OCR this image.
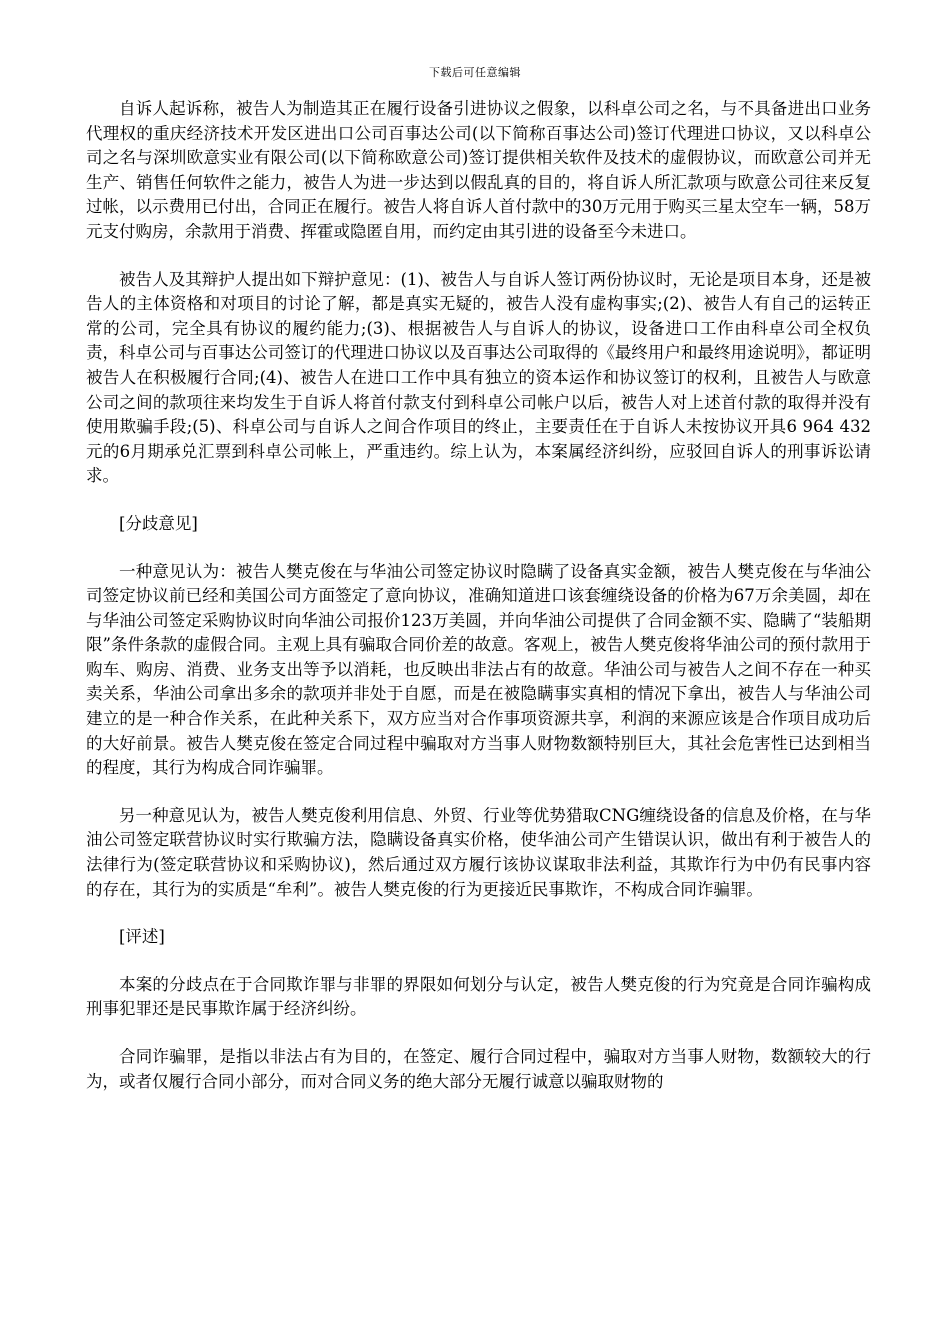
下载后可任意编辑

自诉人起诉称，被告人为制造其正在履行设备引进协议之假象，以科卓公司之名，与不具备进出口业务代理权的重庆经济技术开发区进出口公司百事达公司(以下简称百事达公司)签订代理进口协议，又以科卓公司之名与深圳欧意实业有限公司(以下简称欧意公司)签订提供相关软件及技术的虚假协议，而欧意公司并无生产、销售任何软件之能力，被告人为进一步达到以假乱真的目的，将自诉人所汇款项与欧意公司往来反复过帐，以示费用已付出，合同正在履行。被告人将自诉人首付款中的30万元用于购买三星太空车一辆，58万元支付购房，余款用于消费、挥霍或隐匿自用，而约定由其引进的设备至今未进口。

被告人及其辩护人提出如下辩护意见：(1)、被告人与自诉人签订两份协议时，无论是项目本身，还是被告人的主体资格和对项目的讨论了解，都是真实无疑的，被告人没有虚构事实;(2)、被告人有自己的运转正常的公司，完全具有协议的履约能力;(3)、根据被告人与自诉人的协议，设备进口工作由科卓公司全权负责，科卓公司与百事达公司签订的代理进口协议以及百事达公司取得的《最终用户和最终用途说明》，都证明被告人在积极履行合同;(4)、被告人在进口工作中具有独立的资本运作和协议签订的权利，且被告人与欧意公司之间的款项往来均发生于自诉人将首付款支付到科卓公司帐户以后，被告人对上述首付款的取得并没有使用欺骗手段;(5)、科卓公司与自诉人之间合作项目的终止，主要责任在于自诉人未按协议开具6 964 432元的6月期承兑汇票到科卓公司帐上，严重违约。综上认为，本案属经济纠纷，应驳回自诉人的刑事诉讼请求。

[分歧意见]

一种意见认为：被告人樊克俊在与华油公司签定协议时隐瞒了设备真实金额，被告人樊克俊在与华油公司签定协议前已经和美国公司方面签定了意向协议，准确知道进口该套缠绕设备的价格为67万余美圆，却在与华油公司签定采购协议时向华油公司报价123万美圆，并向华油公司提供了合同金额不实、隐瞒了“装船期限”条件条款的虚假合同。主观上具有骗取合同价差的故意。客观上，被告人樊克俊将华油公司的预付款用于购车、购房、消费、业务支出等予以消耗，也反映出非法占有的故意。华油公司与被告人之间不存在一种买卖关系，华油公司拿出多余的款项并非处于自愿，而是在被隐瞒事实真相的情况下拿出，被告人与华油公司建立的是一种合作关系，在此种关系下，双方应当对合作事项资源共享，利润的来源应该是合作项目成功后的大好前景。被告人樊克俊在签定合同过程中骗取对方当事人财物数额特别巨大，其社会危害性已达到相当的程度，其行为构成合同诈骗罪。

另一种意见认为，被告人樊克俊利用信息、外贸、行业等优势猎取CNG缠绕设备的信息及价格，在与华油公司签定联营协议时实行欺骗方法，隐瞒设备真实价格，使华油公司产生错误认识，做出有利于被告人的法律行为(签定联营协议和采购协议)，然后通过双方履行该协议谋取非法利益，其欺诈行为中仍有民事内容的存在，其行为的实质是“牟利”。被告人樊克俊的行为更接近民事欺诈，不构成合同诈骗罪。

[评述]

本案的分歧点在于合同欺诈罪与非罪的界限如何划分与认定，被告人樊克俊的行为究竟是合同诈骗构成刑事犯罪还是民事欺诈属于经济纠纷。

合同诈骗罪，是指以非法占有为目的，在签定、履行合同过程中，骗取对方当事人财物，数额较大的行为，或者仅履行合同小部分，而对合同义务的绝大部分无履行诚意以骗取财物的
